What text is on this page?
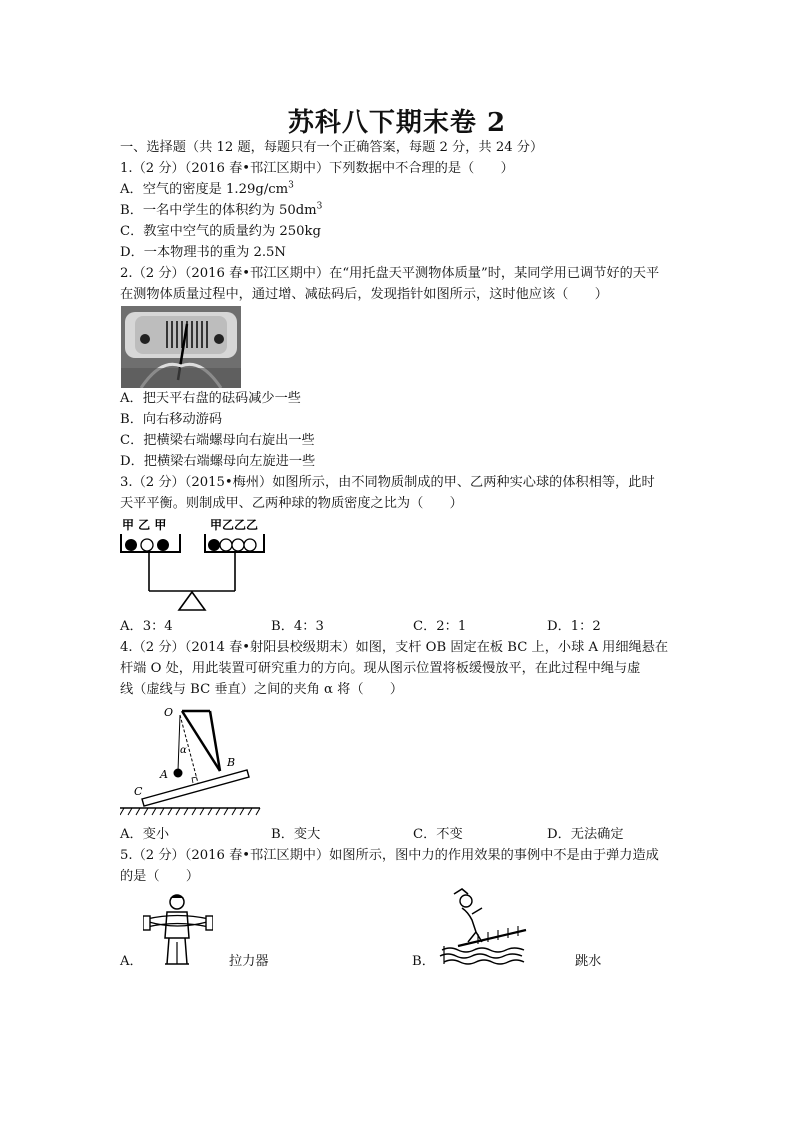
苏科八下期末卷 2
一、选择题（共 12 题，每题只有一个正确答案，每题 2 分，共 24 分）
1.（2 分）（2016 春•邗江区期中）下列数据中不合理的是（　　）
A．空气的密度是 $1.29g/cm^3$
B．一名中学生的体积约为 $50dm^3$
C．教室中空气的质量约为 250kg
D．一本物理书的重为 2.5N
2.（2 分）（2016 春•邗江区期中）在“用托盘天平测物体质量”时，某同学用已调节好的天平
在测物体质量过程中，通过增、减砝码后，发现指针如图所示，这时他应该（　　）
A．把天平右盘的砝码减少一些
B．向右移动游码
C．把横梁右端螺母向右旋出一些
D．把横梁右端螺母向左旋进一些
3.（2 分）（2015•梅州）如图所示，由不同物质制成的甲、乙两种实心球的体积相等，此时
天平平衡。则制成甲、乙两种球的物质密度之比为（　　）
甲 乙 甲	甲乙乙乙
A．3：4	B．4：3	C．2：1	D．1：2
4.（2 分）（2014 春•射阳县校级期末）如图，支杆 OB 固定在板 BC 上，小球 A 用细绳悬在
杆端 O 处，用此装置可研究重力的方向。现从图示位置将板缓慢放平，在此过程中绳与虚
线（虚线与 BC 垂直）之间的夹角 α 将（　　）
O
α
A
B
C
A．变小	B．变大	C．不变	D．无法确定
5.（2 分）（2016 春•邗江区期中）如图所示，图中力的作用效果的事例中不是由于弹力造成
的是（　　）
A．	拉力器	B．	跳水
